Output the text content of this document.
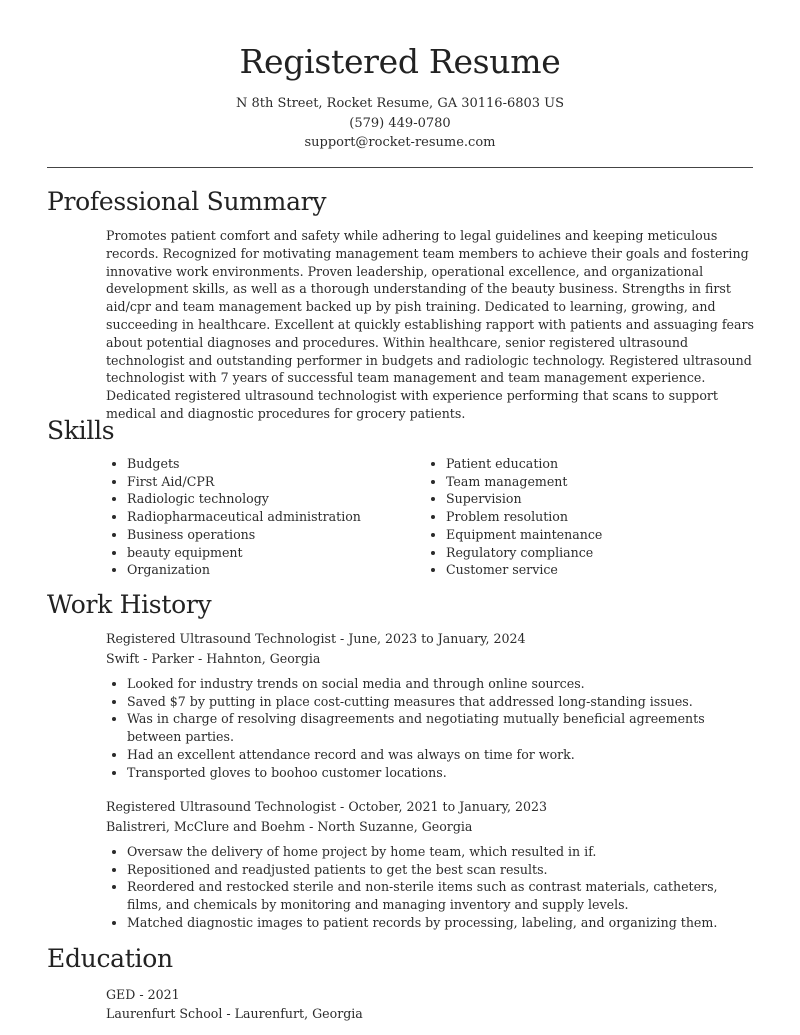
Registered Resume
N 8th Street, Rocket Resume, GA 30116-6803 US
(579) 449-0780
support@rocket-resume.com
Professional Summary

Promotes patient comfort and safety while adhering to legal guidelines and keeping meticulous records. Recognized for motivating management team members to achieve their goals and fostering innovative work environments. Proven leadership, operational excellence, and organizational development skills, as well as a thorough understanding of the beauty business. Strengths in first aid/cpr and team management backed up by pish training. Dedicated to learning, growing, and succeeding in healthcare. Excellent at quickly establishing rapport with patients and assuaging fears about potential diagnoses and procedures. Within healthcare, senior registered ultrasound technologist and outstanding performer in budgets and radiologic technology. Registered ultrasound technologist with 7 years of successful team management and team management experience. Dedicated registered ultrasound technologist with experience performing that scans to support medical and diagnostic procedures for grocery patients.

Skills
• Budgets
• First Aid/CPR
• Radiologic technology
• Radiopharmaceutical administration
• Business operations
• beauty equipment
• Organization
• Patient education
• Team management
• Supervision
• Problem resolution
• Equipment maintenance
• Regulatory compliance
• Customer service
Work History

Registered Ultrasound Technologist - June, 2023 to January, 2024

Swift - Parker - Hahnton, Georgia

• Looked for industry trends on social media and through online sources.
• Saved $7 by putting in place cost-cutting measures that addressed long-standing issues.
• Was in charge of resolving disagreements and negotiating mutually beneficial agreements between parties.
• Had an excellent attendance record and was always on time for work.
• Transported gloves to boohoo customer locations.

Registered Ultrasound Technologist - October, 2021 to January, 2023

Balistreri, McClure and Boehm - North Suzanne, Georgia

• Oversaw the delivery of home project by home team, which resulted in if.
• Repositioned and readjusted patients to get the best scan results.
• Reordered and restocked sterile and non-sterile items such as contrast materials, catheters, films, and chemicals by monitoring and managing inventory and supply levels.
• Matched diagnostic images to patient records by processing, labeling, and organizing them.
Education
GED - 2021
Laurenfurt School - Laurenfurt, Georgia
